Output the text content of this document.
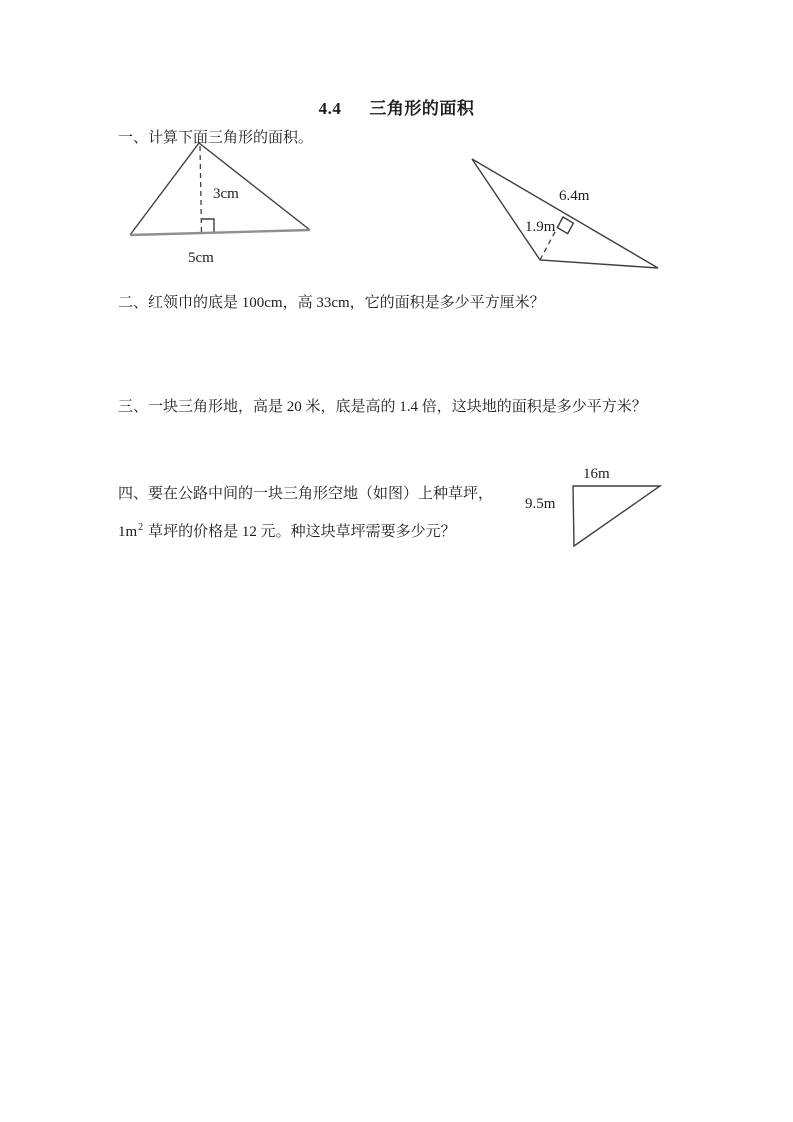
4.4 三角形的面积
一、计算下面三角形的面积。
3cm
5cm
6.4m
1.9m
二、红领巾的底是 100cm，高 33cm，它的面积是多少平方厘米？
三、一块三角形地，高是 20 米，底是高的 1.4 倍，这块地的面积是多少平方米？
四、要在公路中间的一块三角形空地（如图）上种草坪，
$1m^2$ 草坪的价格是 12 元。种这块草坪需要多少元？
16m
9.5m
